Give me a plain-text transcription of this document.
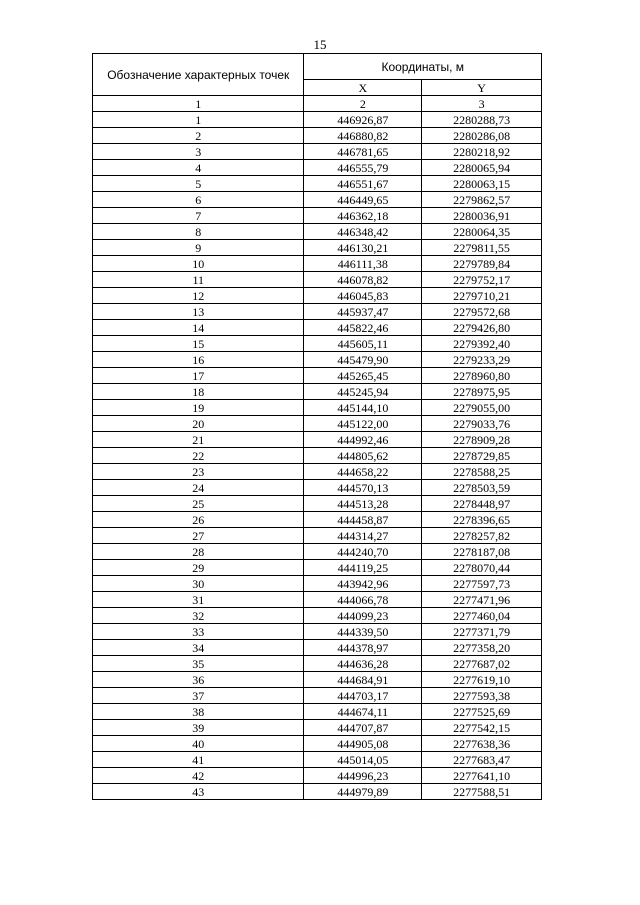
15
Обозначение характерных точек	Координаты, м	
	X	Y
1	2	3
1	446926,87	2280288,73
2	446880,82	2280286,08
3	446781,65	2280218,92
4	446555,79	2280065,94
5	446551,67	2280063,15
6	446449,65	2279862,57
7	446362,18	2280036,91
8	446348,42	2280064,35
9	446130,21	2279811,55
10	446111,38	2279789,84
11	446078,82	2279752,17
12	446045,83	2279710,21
13	445937,47	2279572,68
14	445822,46	2279426,80
15	445605,11	2279392,40
16	445479,90	2279233,29
17	445265,45	2278960,80
18	445245,94	2278975,95
19	445144,10	2279055,00
20	445122,00	2279033,76
21	444992,46	2278909,28
22	444805,62	2278729,85
23	444658,22	2278588,25
24	444570,13	2278503,59
25	444513,28	2278448,97
26	444458,87	2278396,65
27	444314,27	2278257,82
28	444240,70	2278187,08
29	444119,25	2278070,44
30	443942,96	2277597,73
31	444066,78	2277471,96
32	444099,23	2277460,04
33	444339,50	2277371,79
34	444378,97	2277358,20
35	444636,28	2277687,02
36	444684,91	2277619,10
37	444703,17	2277593,38
38	444674,11	2277525,69
39	444707,87	2277542,15
40	444905,08	2277638,36
41	445014,05	2277683,47
42	444996,23	2277641,10
43	444979,89	2277588,51
